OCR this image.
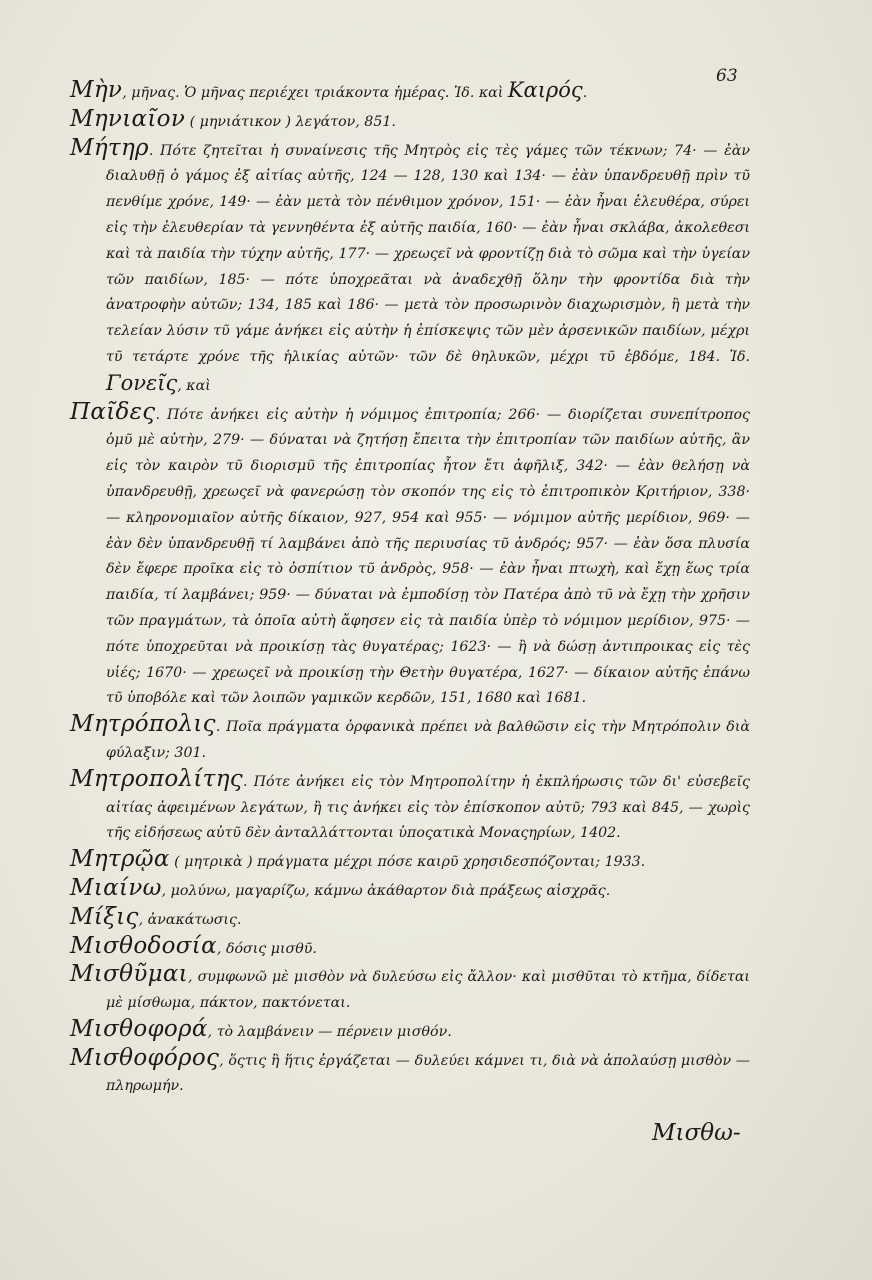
63

Μὴν, μῆνας. Ὁ μῆνας περιέχει τριάκοντα ἡμέρας. Ἰδ. καὶ Καιρός.

Μηνιαῖον ( μηνιάτικον ) λεγάτον, 851.

Μήτηρ. Πότε ζητεῖται ἡ συναίνεσις τῆς Μητρὸς εἰς τὲς γάμες τῶν τέκνων; 74· — ἐὰν διαλυθῇ ὁ γάμος ἐξ αἰτίας αὐτῆς, 124 — 128, 130 καὶ 134· — ἐὰν ὑπανδρευθῇ πρὶν τῦ πενθίμε χρόνε, 149· — ἐὰν μετὰ τὸν πένθιμον χρόνον, 151· — ἐὰν ἦναι ἐλευθέρα, σύρει εἰς τὴν ἐλευθερίαν τὰ γεννηθέντα ἐξ αὐτῆς παιδία, 160· — ἐὰν ἦναι σκλάβα, ἀκολεθεσι καὶ τὰ παιδία τὴν τύχην αὐτῆς, 177· — χρεωςεῖ νὰ φροντίζῃ διὰ τὸ σῶμα καὶ τὴν ὑγείαν τῶν παιδίων, 185· — πότε ὑποχρεᾶται νὰ ἀναδεχθῇ ὅλην τὴν φροντίδα διὰ τὴν ἀνατροφὴν αὐτῶν; 134, 185 καὶ 186· — μετὰ τὸν προσωρινὸν διαχωρισμὸν, ἢ μετὰ τὴν τελείαν λύσιν τῦ γάμε ἀνήκει εἰς αὐτὴν ἡ ἐπίσκεψις τῶν μὲν ἀρσενικῶν παιδίων, μέχρι τῦ τετάρτε χρόνε τῆς ἡλικίας αὐτῶν· τῶν δὲ θηλυκῶν, μέχρι τῦ ἑβδόμε, 184. Ἰδ. Γονεῖς, καὶ

Παῖδες. Πότε ἀνήκει εἰς αὐτὴν ἡ νόμιμος ἐπιτροπία; 266· — διορίζεται συνεπίτροπος ὁμῦ μὲ αὐτὴν, 279· — δύναται νὰ ζητήσῃ ἔπειτα τὴν ἐπιτροπίαν τῶν παιδίων αὐτῆς, ἂν εἰς τὸν καιρὸν τῦ διορισμῦ τῆς ἐπιτροπίας ἦτον ἔτι ἀφῆλιξ, 342· — ἐὰν θελήσῃ νὰ ὑπανδρευθῇ, χρεωςεῖ νὰ φανερώσῃ τὸν σκοπόν της εἰς τὸ ἐπιτροπικὸν Κριτήριον, 338· — κληρονομιαῖον αὐτῆς δίκαιον, 927, 954 καὶ 955· — νόμιμον αὐτῆς μερίδιον, 969· — ἐὰν δὲν ὑπανδρευθῇ τί λαμβάνει ἀπὸ τῆς περιυσίας τῦ ἀνδρός; 957· — ἐὰν ὅσα πλυσία δὲν ἔφερε προῖκα εἰς τὸ ὁσπίτιον τῦ ἀνδρὸς, 958· — ἐὰν ἦναι πτωχὴ, καὶ ἔχῃ ἕως τρία παιδία, τί λαμβάνει; 959· — δύναται νὰ ἐμποδίσῃ τὸν Πατέρα ἀπὸ τῦ νὰ ἔχῃ τὴν χρῆσιν τῶν πραγμάτων, τὰ ὁποῖα αὐτὴ ἄφησεν εἰς τὰ παιδία ὑπὲρ τὸ νόμιμον μερίδιον, 975· — πότε ὑποχρεῦται νὰ προικίσῃ τὰς θυγατέρας; 1623· — ἢ νὰ δώσῃ ἀντιπροικας εἰς τὲς υἱές; 1670· — χρεωςεῖ νὰ προικίσῃ τὴν Θετὴν θυγατέρα, 1627· — δίκαιον αὐτῆς ἐπάνω τῦ ὑποβόλε καὶ τῶν λοιπῶν γαμικῶν κερδῶν, 151, 1680 καὶ 1681.

Μητρόπολις. Ποῖα πράγματα ὀρφανικὰ πρέπει νὰ βαλθῶσιν εἰς τὴν Μητρόπολιν διὰ φύλαξιν; 301.

Μητροπολίτης. Πότε ἀνήκει εἰς τὸν Μητροπολίτην ἡ ἐκπλήρωσις τῶν δι' εὐσεβεῖς αἰτίας ἀφειμένων λεγάτων, ἢ τις ἀνήκει εἰς τὸν ἐπίσκοπον αὐτῦ; 793 καὶ 845, — χωρὶς τῆς εἰδήσεως αὐτῦ δὲν ἀνταλλάττονται ὑποςατικὰ Μοναςηρίων, 1402.

Μητρῷα ( μητρικὰ ) πράγματα μέχρι πόσε καιρῦ χρησιδεσπόζονται; 1933.

Μιαίνω, μολύνω, μαγαρίζω, κάμνω ἀκάθαρτον διὰ πράξεως αἰσχρᾶς.

Μίξις, ἀνακάτωσις.

Μισθοδοσία, δόσις μισθῦ.

Μισθῦμαι, συμφωνῶ μὲ μισθὸν νὰ δυλεύσω εἰς ἄλλον· καὶ μισθῦται τὸ κτῆμα, δίδεται μὲ μίσθωμα, πάκτον, πακτόνεται.

Μισθοφορά, τὸ λαμβάνειν — πέρνειν μισθόν.

Μισθοφόρος, ὅςτις ἢ ἥτις ἐργάζεται — δυλεύει κάμνει τι, διὰ νὰ ἀπολαύσῃ μισθὸν — πληρωμήν.

Μισθω-
